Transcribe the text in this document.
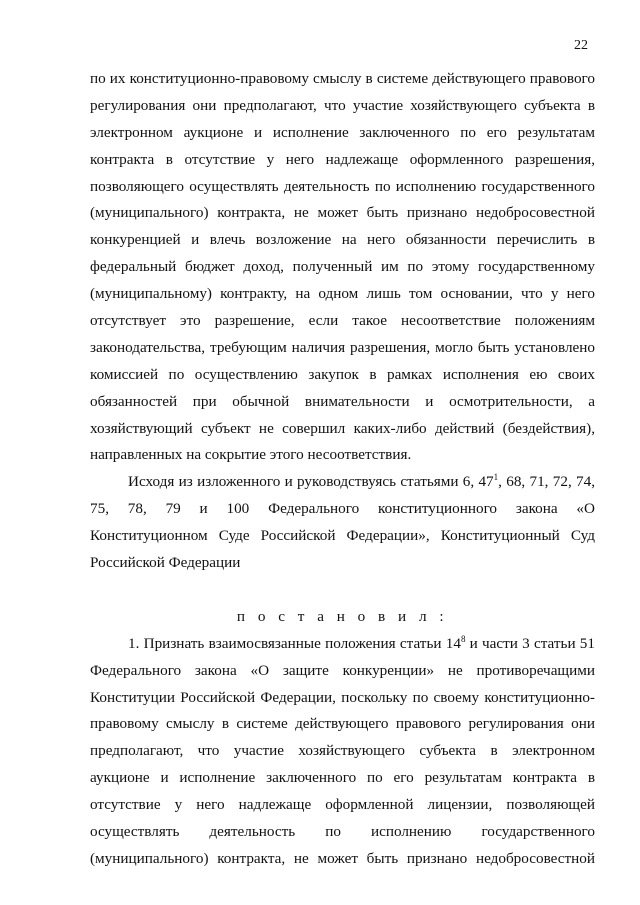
22
по их конституционно-правовому смыслу в системе действующего правового
регулирования они предполагают, что участие хозяйствующего субъекта в
электронном аукционе и исполнение заключенного по его результатам
контракта в отсутствие у него надлежаще оформленного разрешения,
позволяющего осуществлять деятельность по исполнению государственного
(муниципального) контракта, не может быть признано недобросовестной
конкуренцией и влечь возложение на него обязанности перечислить в
федеральный бюджет доход, полученный им по этому государственному
(муниципальному) контракту, на одном лишь том основании, что у него
отсутствует это разрешение, если такое несоответствие положениям
законодательства, требующим наличия разрешения, могло быть установлено
комиссией по осуществлению закупок в рамках исполнения ею своих
обязанностей при обычной внимательности и осмотрительности, а
хозяйствующий субъект не совершил каких-либо действий (бездействия),
направленных на сокрытие этого несоответствия.
Исходя из изложенного и руководствуясь статьями 6, $47^1$, 68, 71, 72, 74,
75, 78, 79 и 100 Федерального конституционного закона «О
Конституционном Суде Российской Федерации», Конституционный Суд
Российской Федерации
п о с т а н о в и л :
1. Признать взаимосвязанные положения статьи $14^8$ и части 3 статьи 51
Федерального закона «О защите конкуренции» не противоречащими
Конституции Российской Федерации, поскольку по своему конституционно-
правовому смыслу в системе действующего правового регулирования они
предполагают, что участие хозяйствующего субъекта в электронном
аукционе и исполнение заключенного по его результатам контракта в
отсутствие у него надлежаще оформленной лицензии, позволяющей
осуществлять деятельность по исполнению государственного
(муниципального) контракта, не может быть признано недобросовестной
